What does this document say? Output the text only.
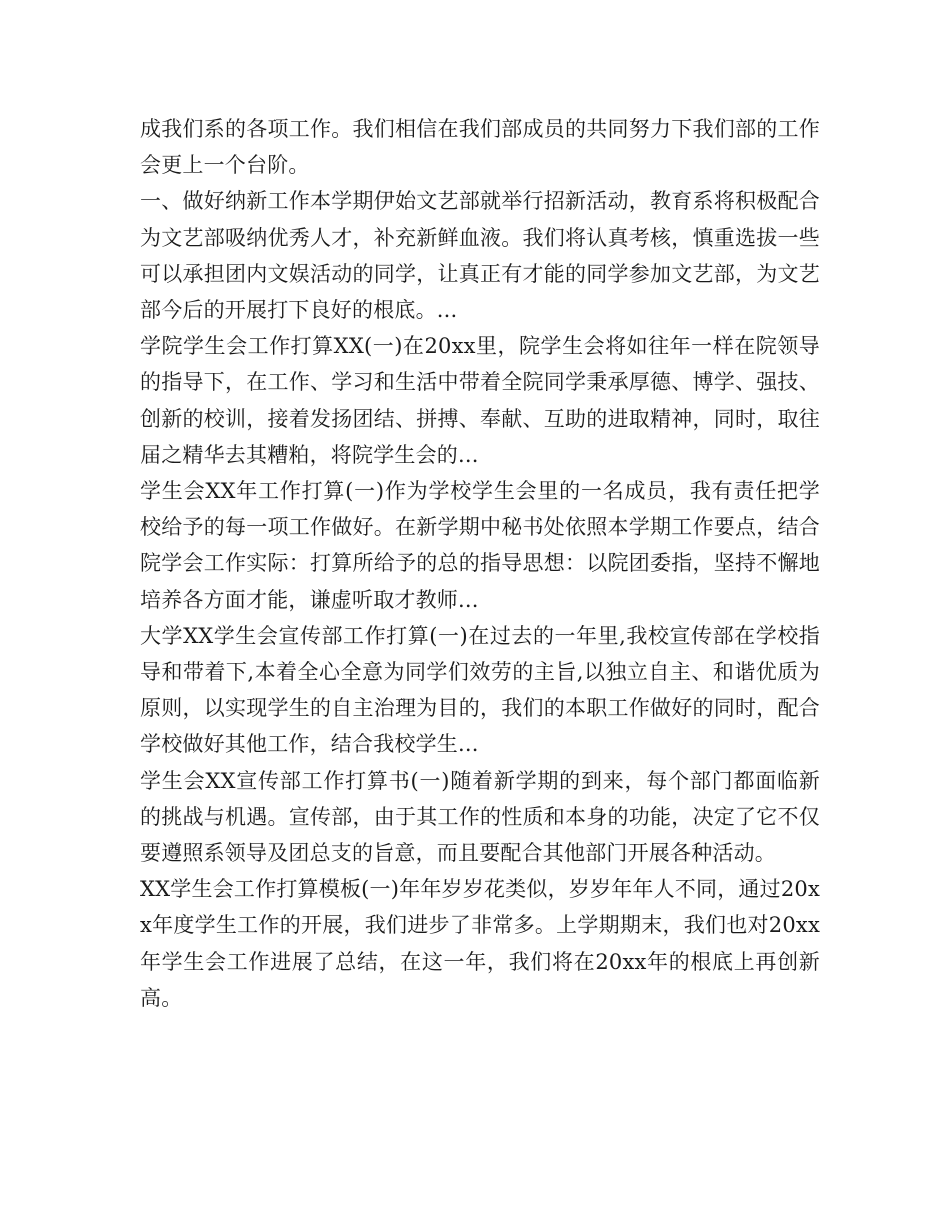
成我们系的各项工作。我们相信在我们部成员的共同努力下我们部的工作会更上一个台阶。

一、做好纳新工作本学期伊始文艺部就举行招新活动，教育系将积极配合为文艺部吸纳优秀人才，补充新鲜血液。我们将认真考核，慎重选拔一些可以承担团内文娱活动的同学，让真正有才能的同学参加文艺部，为文艺部今后的开展打下良好的根底。...

学院学生会工作打算XX(一)在20xx里，院学生会将如往年一样在院领导的指导下，在工作、学习和生活中带着全院同学秉承厚德、博学、强技、创新的校训，接着发扬团结、拼搏、奉献、互助的进取精神，同时，取往届之精华去其糟粕，将院学生会的...

学生会XX年工作打算(一)作为学校学生会里的一名成员，我有责任把学校给予的每一项工作做好。在新学期中秘书处依照本学期工作要点，结合院学会工作实际：打算所给予的总的指导思想：以院团委指，坚持不懈地培养各方面才能，谦虚听取才教师...

大学XX学生会宣传部工作打算(一)在过去的一年里,我校宣传部在学校指导和带着下,本着全心全意为同学们效劳的主旨,以独立自主、和谐优质为原则，以实现学生的自主治理为目的，我们的本职工作做好的同时，配合学校做好其他工作，结合我校学生...

学生会XX宣传部工作打算书(一)随着新学期的到来，每个部门都面临新的挑战与机遇。宣传部，由于其工作的性质和本身的功能，决定了它不仅要遵照系领导及团总支的旨意，而且要配合其他部门开展各种活动。

XX学生会工作打算模板(一)年年岁岁花类似，岁岁年年人不同，通过20xx年度学生工作的开展，我们进步了非常多。上学期期末，我们也对20xx年学生会工作进展了总结，在这一年，我们将在20xx年的根底上再创新高。
